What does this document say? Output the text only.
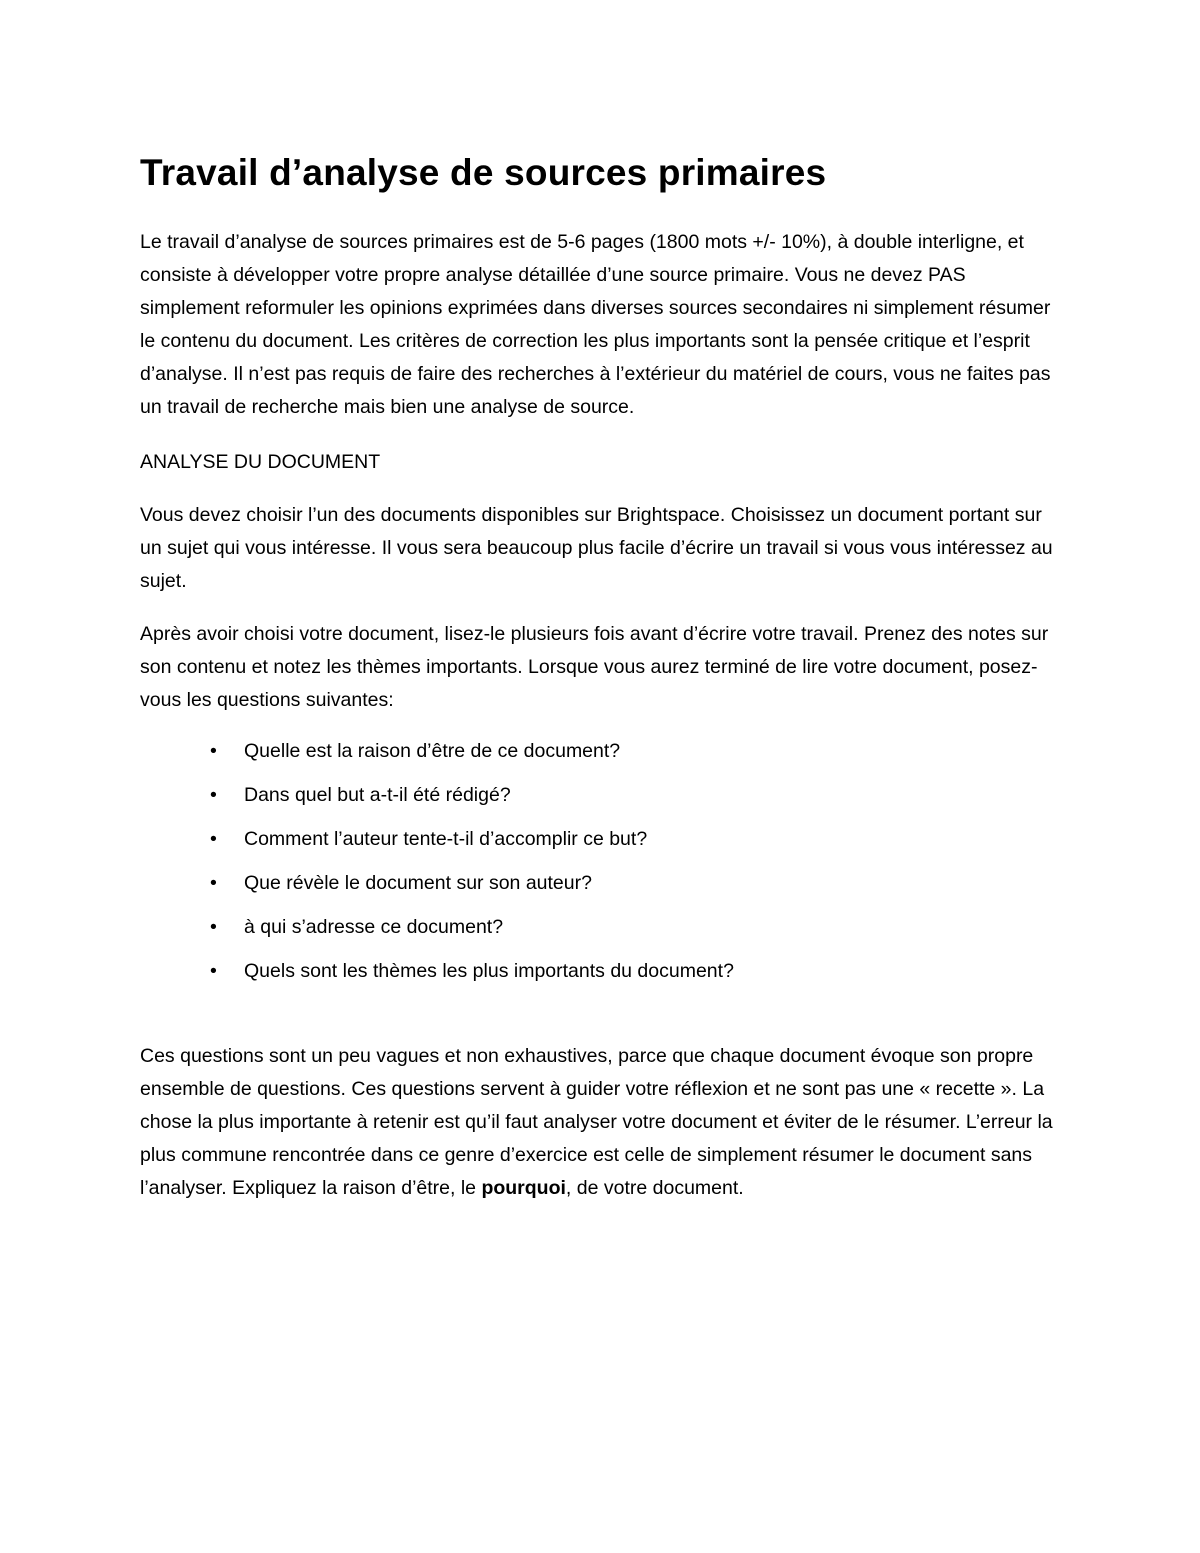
Travail d’analyse de sources primaires

Le travail d’analyse de sources primaires est de 5-6 pages (1800 mots +/- 10%), à double interligne, et consiste à développer votre propre analyse détaillée d’une source primaire. Vous ne devez PAS simplement reformuler les opinions exprimées dans diverses sources secondaires ni simplement résumer le contenu du document. Les critères de correction les plus importants sont la pensée critique et l’esprit d’analyse. Il n’est pas requis de faire des recherches à l’extérieur du matériel de cours, vous ne faites pas un travail de recherche mais bien une analyse de source.

ANALYSE DU DOCUMENT

Vous devez choisir l’un des documents disponibles sur Brightspace. Choisissez un document portant sur un sujet qui vous intéresse. Il vous sera beaucoup plus facile d’écrire un travail si vous vous intéressez au sujet.

Après avoir choisi votre document, lisez-le plusieurs fois avant d’écrire votre travail. Prenez des notes sur son contenu et notez les thèmes importants. Lorsque vous aurez terminé de lire votre document, posez-vous les questions suivantes:

• Quelle est la raison d’être de ce document?
• Dans quel but a-t-il été rédigé?
• Comment l’auteur tente-t-il d’accomplir ce but?
• Que révèle le document sur son auteur?
• à qui s’adresse ce document?
• Quels sont les thèmes les plus importants du document?

Ces questions sont un peu vagues et non exhaustives, parce que chaque document évoque son propre ensemble de questions. Ces questions servent à guider votre réflexion et ne sont pas une « recette ». La chose la plus importante à retenir est qu’il faut analyser votre document et éviter de le résumer. L’erreur la plus commune rencontrée dans ce genre d’exercice est celle de simplement résumer le document sans l’analyser. Expliquez la raison d’être, le pourquoi, de votre document.
